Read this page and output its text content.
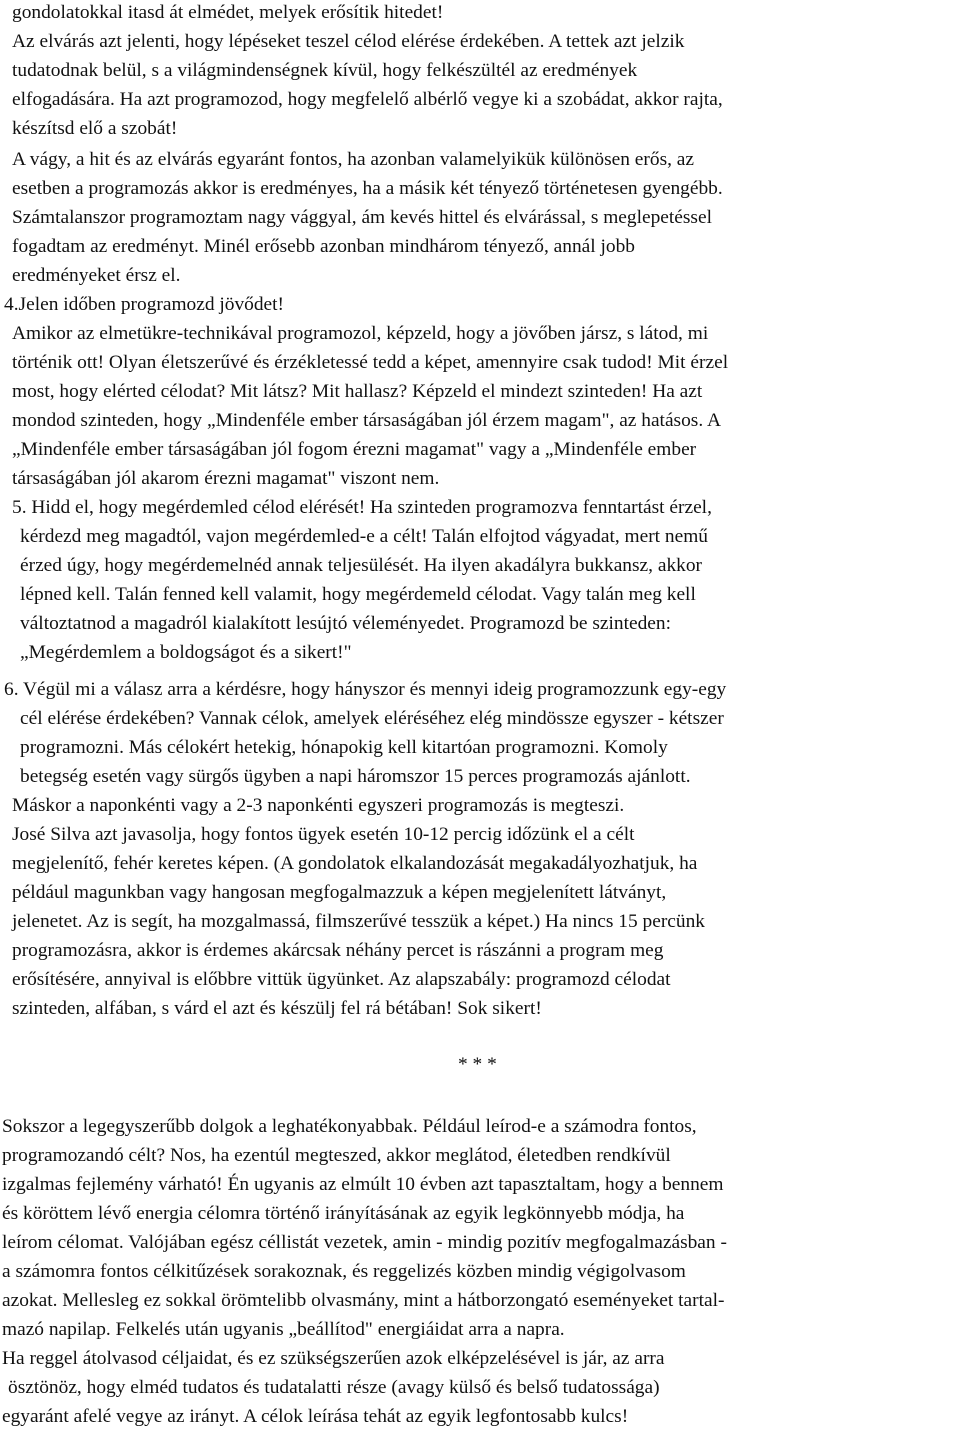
gondolatokkal itasd át elmédet, melyek erősítik hitedet!
Az elvárás azt jelenti, hogy lépéseket teszel célod elérése érdekében. A tettek azt jelzik
tudatodnak belül, s a világmindenségnek kívül, hogy felkészültél az eredmények
elfogadására. Ha azt programozod, hogy megfelelő albérlő vegye ki a szobádat, akkor rajta,
készítsd elő a szobát!
A vágy, a hit és az elvárás egyaránt fontos, ha azonban valamelyikük különösen erős, az
esetben a programozás akkor is eredményes, ha a másik két tényező történetesen gyengébb.
Számtalanszor programoztam nagy vággyal, ám kevés hittel és elvárással, s meglepetéssel
fogadtam az eredményt. Minél erősebb azonban mindhárom tényező, annál jobb
eredményeket érsz el.
4.Jelen időben programozd jövődet!
Amikor az elmetükre-technikával programozol, képzeld, hogy a jövőben jársz, s látod, mi
történik ott! Olyan életszerűvé és érzékletessé tedd a képet, amennyire csak tudod! Mit érzel
most, hogy elérted célodat? Mit látsz? Mit hallasz? Képzeld el mindezt szinteden! Ha azt
mondod szinteden, hogy „Mindenféle ember társaságában jól érzem magam", az hatásos. A
„Mindenféle ember társaságában jól fogom érezni magamat" vagy a „Mindenféle ember
társaságában jól akarom érezni magamat" viszont nem.
5. Hidd el, hogy megérdemled célod elérését! Ha szinteden programozva fenntartást érzel,
kérdezd meg magadtól, vajon megérdemled-e a célt! Talán elfojtod vágyadat, mert nemű
érzed úgy, hogy megérdemelnéd annak teljesülését. Ha ilyen akadályra bukkansz, akkor
lépned kell. Talán fenned kell valamit, hogy megérdemeld célodat. Vagy talán meg kell
változtatnod a magadról kialakított lesújtó véleményedet. Programozd be szinteden:
„Megérdemlem a boldogságot és a sikert!"
6. Végül mi a válasz arra a kérdésre, hogy hányszor és mennyi ideig programozzunk egy-egy
cél elérése érdekében? Vannak célok, amelyek eléréséhez elég mindössze egyszer - kétszer
programozni. Más célokért hetekig, hónapokig kell kitartóan programozni. Komoly
betegség esetén vagy sürgős ügyben a napi háromszor 15 perces programozás ajánlott.
Máskor a naponkénti vagy a 2-3 naponkénti egyszeri programozás is megteszi.
José Silva azt javasolja, hogy fontos ügyek esetén 10-12 percig időzünk el a célt
megjelenítő, fehér keretes képen. (A gondolatok elkalandozását megakadályozhatjuk, ha
például magunkban vagy hangosan megfogalmazzuk a képen megjelenített látványt,
jelenetet. Az is segít, ha mozgalmassá, filmszerűvé tesszük a képet.) Ha nincs 15 percünk
programozásra, akkor is érdemes akárcsak néhány percet is rászánni a program meg
erősítésére, annyival is előbbre vittük ügyünket. Az alapszabály: programozd célodat
szinteden, alfában, s várd el azt és készülj fel rá bétában! Sok sikert!
* * *
Sokszor a legegyszerűbb dolgok a leghatékonyabbak. Például leírod-e a számodra fontos,
programozandó célt? Nos, ha ezentúl megteszed, akkor meglátod, életedben rendkívül
izgalmas fejlemény várható! Én ugyanis az elmúlt 10 évben azt tapasztaltam, hogy a bennem
és köröttem lévő energia célomra történő irányításának az egyik legkönnyebb módja, ha
leírom célomat. Valójában egész céllistát vezetek, amin - mindig pozitív megfogalmazásban -
a számomra fontos célkitűzések sorakoznak, és reggelizés közben mindig végigolvasom
azokat. Mellesleg ez sokkal örömtelibb olvasmány, mint a hátborzongató eseményeket tartal-
mazó napilap. Felkelés után ugyanis „beállítod" energiáidat arra a napra.
Ha reggel átolvasod céljaidat, és ez szükségszerűen azok elképzelésével is jár, az arra
ösztönöz, hogy elméd tudatos és tudatalatti része (avagy külső és belső tudatossága)
egyaránt afelé vegye az irányt. A célok leírása tehát az egyik legfontosabb kulcs!
